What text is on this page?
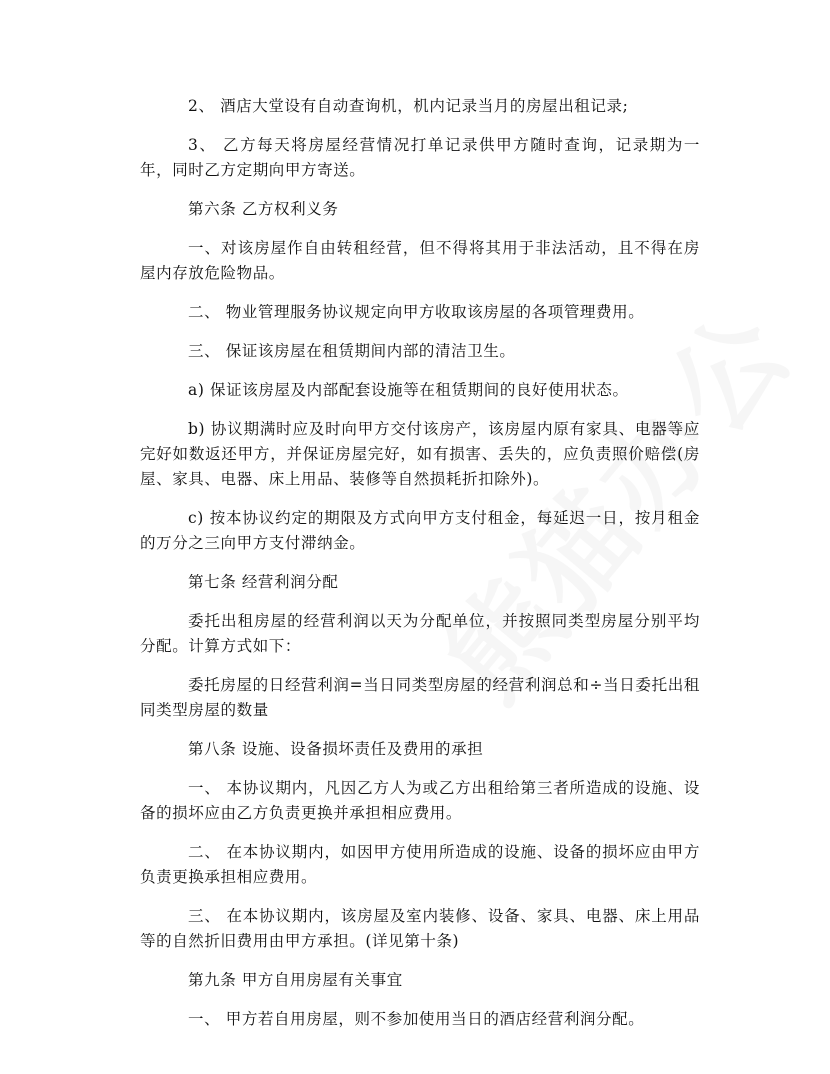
2、 酒店大堂设有自动查询机，机内记录当月的房屋出租记录;

3、 乙方每天将房屋经营情况打单记录供甲方随时查询，记录期为一年，同时乙方定期向甲方寄送。

第六条 乙方权利义务

一、对该房屋作自由转租经营，但不得将其用于非法活动，且不得在房屋内存放危险物品。

二、 物业管理服务协议规定向甲方收取该房屋的各项管理费用。

三、 保证该房屋在租赁期间内部的清洁卫生。

a) 保证该房屋及内部配套设施等在租赁期间的良好使用状态。

b) 协议期满时应及时向甲方交付该房产，该房屋内原有家具、电器等应完好如数返还甲方，并保证房屋完好，如有损害、丢失的，应负责照价赔偿(房屋、家具、电器、床上用品、装修等自然损耗折扣除外)。

c) 按本协议约定的期限及方式向甲方支付租金，每延迟一日，按月租金的万分之三向甲方支付滞纳金。

第七条 经营利润分配

委托出租房屋的经营利润以天为分配单位，并按照同类型房屋分别平均分配。计算方式如下：

委托房屋的日经营利润=当日同类型房屋的经营利润总和÷当日委托出租同类型房屋的数量

第八条 设施、设备损坏责任及费用的承担

一、 本协议期内，凡因乙方人为或乙方出租给第三者所造成的设施、设备的损坏应由乙方负责更换并承担相应费用。

二、 在本协议期内，如因甲方使用所造成的设施、设备的损坏应由甲方负责更换承担相应费用。

三、 在本协议期内，该房屋及室内装修、设备、家具、电器、床上用品等的自然折旧费用由甲方承担。(详见第十条)

第九条 甲方自用房屋有关事宜

一、 甲方若自用房屋，则不参加使用当日的酒店经营利润分配。
